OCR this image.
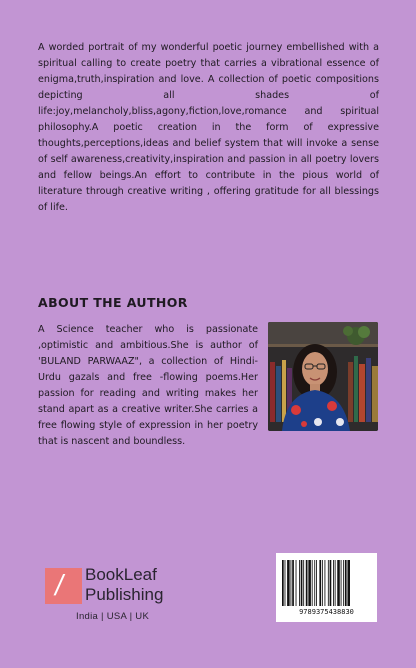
A worded portrait of my wonderful poetic journey embellished with a spiritual calling to create poetry that carries a vibrational essence of enigma,truth,inspiration and love. A collection of poetic compositions depicting all shades of life:joy,melancholy,bliss,agony,fiction,love,romance and spiritual philosophy.A poetic creation in the form of expressive thoughts,perceptions,ideas and belief system that will invoke a sense of self awareness,creativity,inspiration and passion in all poetry lovers and fellow beings.An effort to contribute in the pious world of literature through creative writing , offering gratitude for all blessings of life.

ABOUT THE AUTHOR

A Science teacher who is passionate ,optimistic and ambitious.She is author of 'BULAND PARWAAZ", a collection of Hindi-Urdu gazals and free -flowing poems.Her passion for reading and writing makes her stand apart as a creative writer.She carries a free flowing style of expression in her poetry that is nascent and boundless.

/ BookLeaf
Publishing
India | USA | UK	9789375438830
